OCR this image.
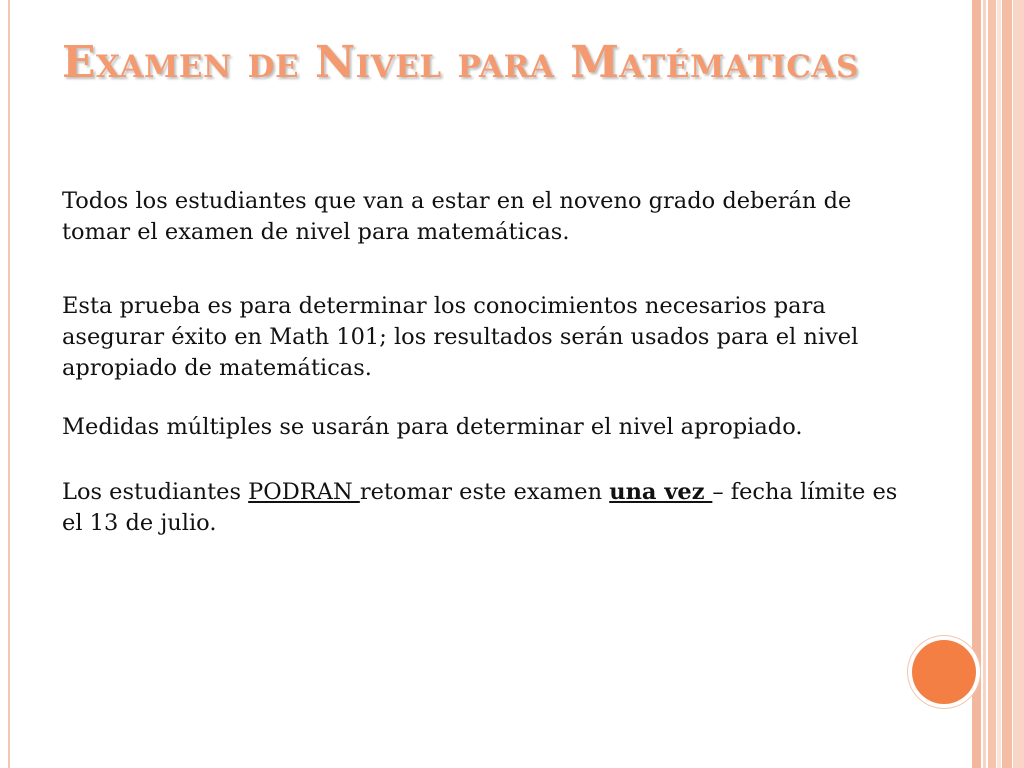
Examen de Nivel para Matématicas

Todos los estudiantes que van a estar en el noveno grado deberán de tomar el examen de nivel para matemáticas.

Esta prueba es para determinar los conocimientos necesarios para asegurar éxito en Math 101; los resultados serán usados para el nivel apropiado de matemáticas.

Medidas múltiples se usarán para determinar el nivel apropiado.

Los estudiantes PODRAN retomar este examen una vez – fecha límite es el 13 de julio.
